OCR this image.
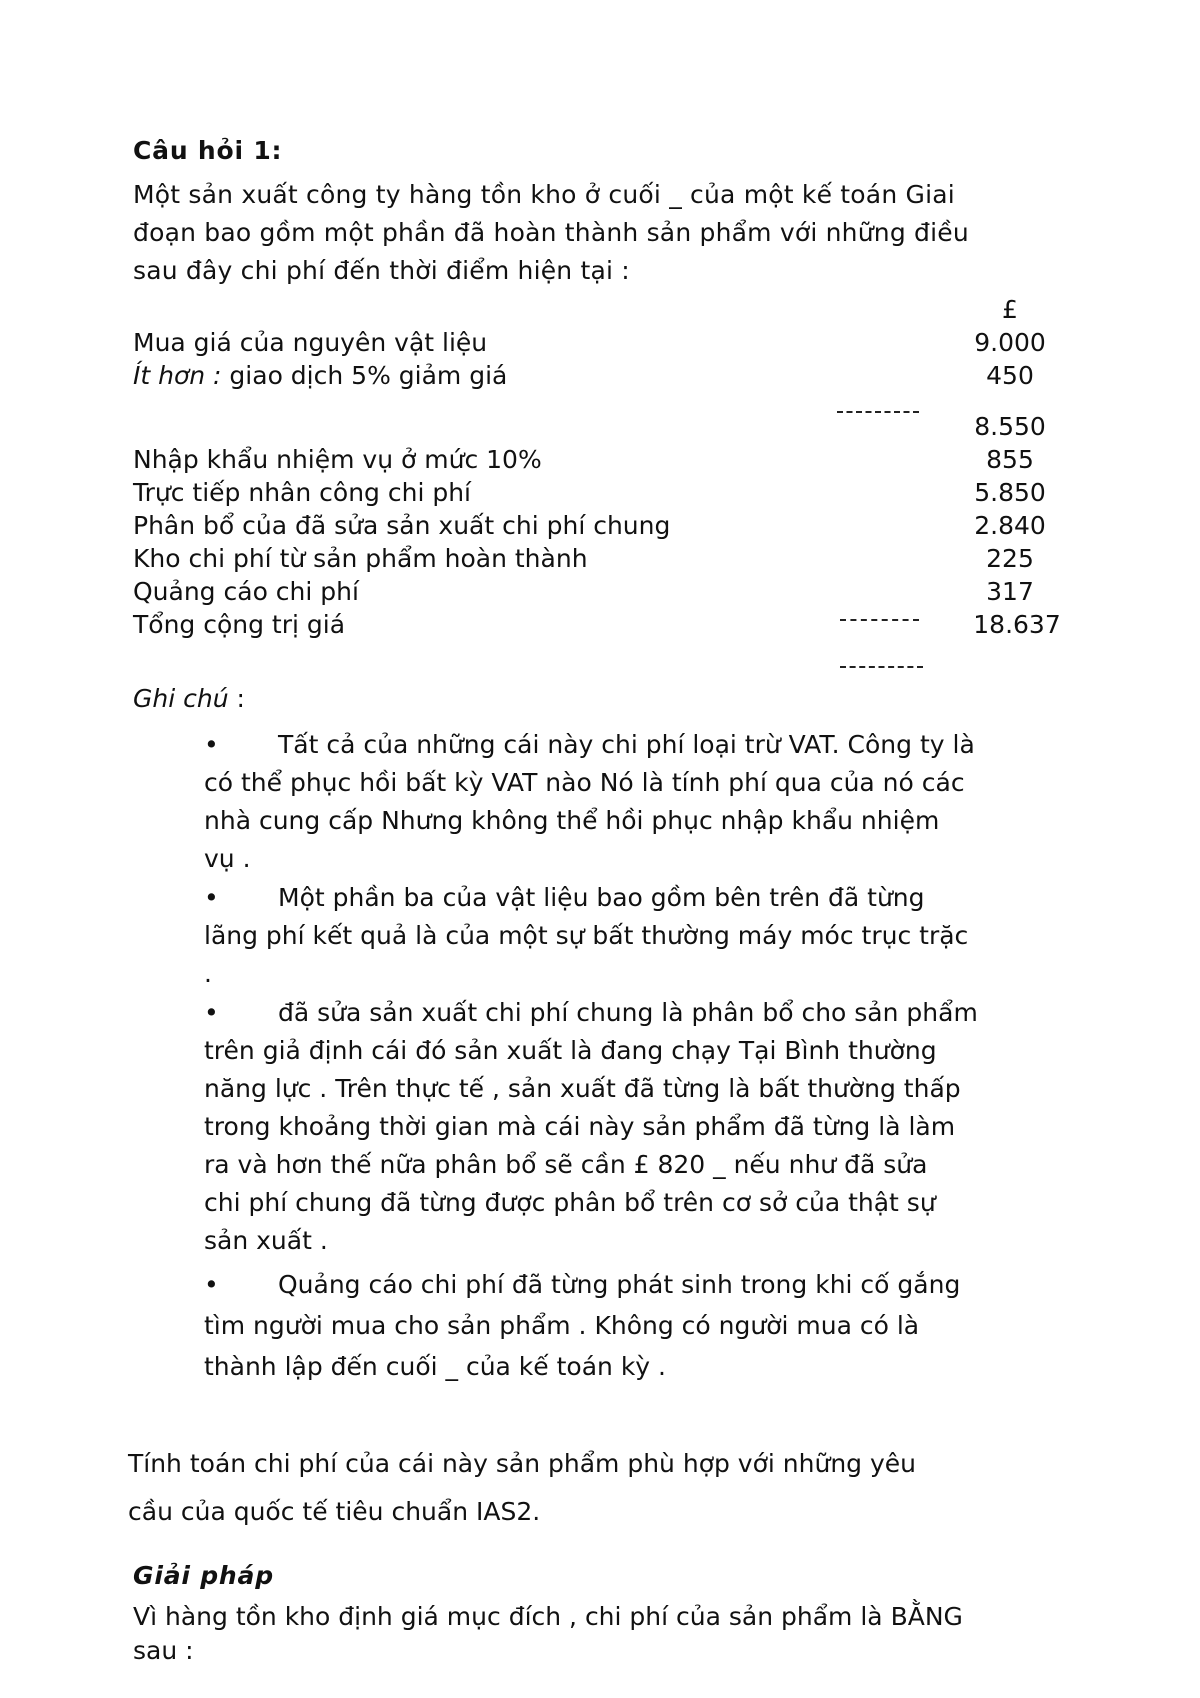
Câu hỏi 1:
Một sản xuất công ty hàng tồn kho ở cuối _ của một kế toán Giai
đoạn bao gồm một phần đã hoàn thành sản phẩm với những điều
sau đây chi phí đến thời điểm hiện tại :
£
Mua giá của nguyên vật liệu	9.000
Ít hơn : giao dịch 5% giảm giá	450
8.550
Nhập khẩu nhiệm vụ ở mức 10%	855
Trực tiếp nhân công chi phí	5.850
Phân bổ của đã sửa sản xuất chi phí chung	2.840
Kho chi phí từ sản phẩm hoàn thành	225
Quảng cáo chi phí	317
Tổng cộng trị giá	18.637
Ghi chú :
•	Tất cả của những cái này chi phí loại trừ VAT. Công ty là
có thể phục hồi bất kỳ VAT nào Nó là tính phí qua của nó các
nhà cung cấp Nhưng không thể hồi phục nhập khẩu nhiệm
vụ .
•	Một phần ba của vật liệu bao gồm bên trên đã từng
lãng phí kết quả là của một sự bất thường máy móc trục trặc
.
•	đã sửa sản xuất chi phí chung là phân bổ cho sản phẩm
trên giả định cái đó sản xuất là đang chạy Tại Bình thường
năng lực . Trên thực tế , sản xuất đã từng là bất thường thấp
trong khoảng thời gian mà cái này sản phẩm đã từng là làm
ra và hơn thế nữa phân bổ sẽ cần £ 820 _ nếu như đã sửa
chi phí chung đã từng được phân bổ trên cơ sở của thật sự
sản xuất .
•	Quảng cáo chi phí đã từng phát sinh trong khi cố gắng
tìm người mua cho sản phẩm . Không có người mua có là
thành lập đến cuối _ của kế toán kỳ .
Tính toán chi phí của cái này sản phẩm phù hợp với những yêu
cầu của quốc tế tiêu chuẩn IAS2.
Giải pháp
Vì hàng tồn kho định giá mục đích , chi phí của sản phẩm là BẰNG
sau :
